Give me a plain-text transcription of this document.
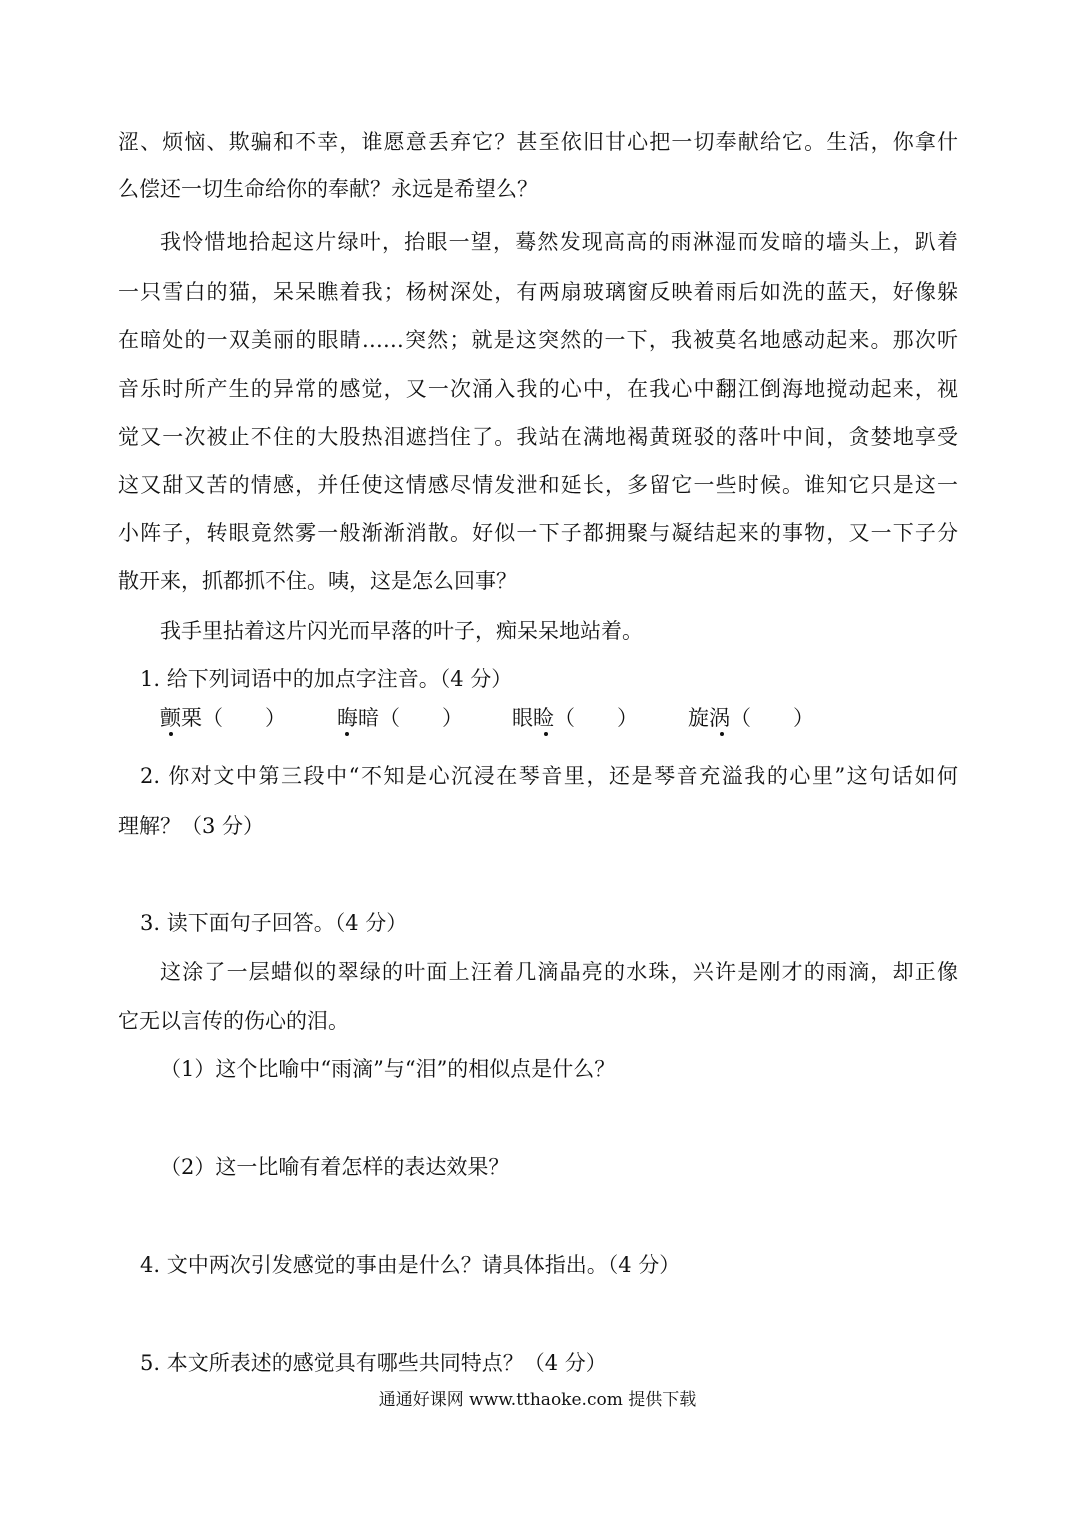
涩、烦恼、欺骗和不幸，谁愿意丢弃它？甚至依旧甘心把一切奉献给它。生活，你拿什
么偿还一切生命给你的奉献？永远是希望么？
我怜惜地拾起这片绿叶，抬眼一望，蓦然发现高高的雨淋湿而发暗的墙头上，趴着
一只雪白的猫，呆呆瞧着我；杨树深处，有两扇玻璃窗反映着雨后如洗的蓝天，好像躲
在暗处的一双美丽的眼睛……突然；就是这突然的一下，我被莫名地感动起来。那次听
音乐时所产生的异常的感觉，又一次涌入我的心中，在我心中翻江倒海地搅动起来，视
觉又一次被止不住的大股热泪遮挡住了。我站在满地褐黄斑驳的落叶中间，贪婪地享受
这又甜又苦的情感，并任使这情感尽情发泄和延长，多留它一些时候。谁知它只是这一
小阵子，转眼竟然雾一般渐渐消散。好似一下子都拥聚与凝结起来的事物，又一下子分
散开来，抓都抓不住。咦，这是怎么回事？
我手里拈着这片闪光而早落的叶子，痴呆呆地站着。
1. 给下列词语中的加点字注音。（4 分）
颤栗（　　） 晦暗（　　） 眼睑（　　） 旋涡（　　）
2. 你对文中第三段中“不知是心沉浸在琴音里，还是琴音充溢我的心里”这句话如何
理解？（3 分）
3. 读下面句子回答。（4 分）
这涂了一层蜡似的翠绿的叶面上汪着几滴晶亮的水珠，兴许是刚才的雨滴，却正像
它无以言传的伤心的泪。
（1）这个比喻中“雨滴”与“泪”的相似点是什么？
（2）这一比喻有着怎样的表达效果？
4. 文中两次引发感觉的事由是什么？请具体指出。（4 分）
5. 本文所表述的感觉具有哪些共同特点？（4 分）
通通好课网 www.tthaoke.com 提供下载
